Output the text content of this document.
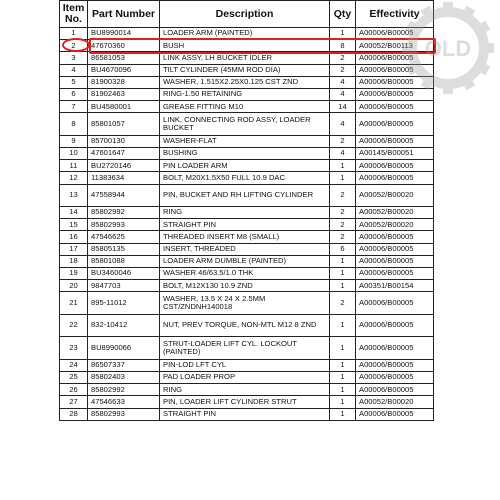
Item No.	Part Number	Description	Qty	Effectivity
1	BU8990014	LOADER ARM (PAINTED)	1	A00006/B00005
2	47670360	BUSH	8	A00052/B00113
3	86581053	LINK ASSY, LH BUCKET IDLER	2	A00006/B00005
4	BU4670096	TILT CYLINDER (45MM ROD DIA)	2	A00006/B00005
5	81900328	WASHER, 1.515X2.25X0.125 CST ZND	4	A00006/B00005
6	81902463	RING-1.50 RETAINING	4	A00006/B00005
7	BU4580001	GREASE FITTING M10	14	A00006/B00005
8	85801057	LINK, CONNECTING ROD ASSY, LOADER BUCKET	4	A00006/B00005
9	85700130	WASHER-FLAT	2	A00006/B00005
10	47601647	BUSHING	4	A00145/B00051
11	BU2720146	PIN LOADER ARM	1	A00006/B00005
12	11383634	BOLT, M20X1.5X50 FULL 10.9 DAC	1	A00006/B00005
13	47558944	PIN, BUCKET AND RH LIFTING CYLINDER	2	A00052/B00020
14	85802992	RING	2	A00052/B00020
15	85802993	STRAIGHT PIN	2	A00052/B00020
16	47546625	THREADED INSERT M8 (SMALL)	2	A00006/B00005
17	85805135	INSERT, THREADED	6	A00006/B00005
18	85801088	LOADER ARM DUMBLE (PAINTED)	1	A00006/B00005
19	BU3460046	WASHER 46/63.5/1.0 THK	1	A00006/B00005
20	9847703	BOLT, M12X130 10.9 ZND	1	A00351/B00154
21	895-11012	WASHER, 13.5 X 24 X 2.5MM CST/ZNDNH140018	2	A00006/B00005
22	832-10412	NUT, PREV TORQUE, NON-MTL M12 8 ZND	1	A00006/B00005
23	BU8990066	STRUT-LOADER LIFT CYL. LOCKOUT (PAINTED)	1	A00006/B00005
24	86507337	PIN-LOD LFT CYL	1	A00006/B00005
25	85802403	PAD LOADER PROP	1	A00006/B00005
26	85802992	RING	1	A00006/B00005
27	47546633	PIN, LOADER LIFT CYLINDER STRUT	1	A00052/B00020
28	85802993	STRAIGHT PIN	1	A00006/B00005
OLD
